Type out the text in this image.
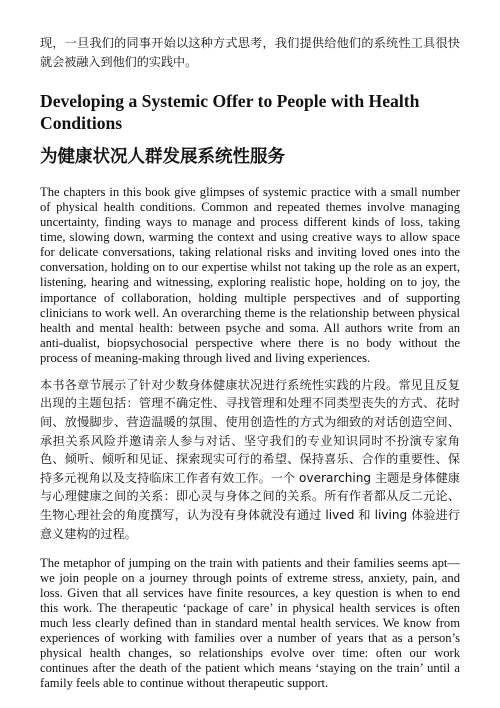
现，一旦我们的同事开始以这种方式思考，我们提供给他们的系统性工具很快就会被融入到他们的实践中。

Developing a Systemic Offer to People with Health Conditions
为健康状况人群发展系统性服务

The chapters in this book give glimpses of systemic practice with a small number of physical health conditions. Common and repeated themes involve managing uncertainty, finding ways to manage and process different kinds of loss, taking time, slowing down, warming the context and using creative ways to allow space for delicate conversations, taking relational risks and inviting loved ones into the conversation, holding on to our expertise whilst not taking up the role as an expert, listening, hearing and witnessing, exploring realistic hope, holding on to joy, the importance of collaboration, holding multiple perspectives and of supporting clinicians to work well. An overarching theme is the relationship between physical health and mental health: between psyche and soma. All authors write from an anti-dualist, biopsychosocial perspective where there is no body without the process of meaning-making through lived and living experiences.

本书各章节展示了针对少数身体健康状况进行系统性实践的片段。常见且反复出现的主题包括：管理不确定性、寻找管理和处理不同类型丧失的方式、花时间、放慢脚步、营造温暖的氛围、使用创造性的方式为细致的对话创造空间、承担关系风险并邀请亲人参与对话、坚守我们的专业知识同时不扮演专家角色、倾听、倾听和见证、探索现实可行的希望、保持喜乐、合作的重要性、保持多元视角以及支持临床工作者有效工作。一个 overarching 主题是身体健康与心理健康之间的关系：即心灵与身体之间的关系。所有作者都从反二元论、生物心理社会的角度撰写，认为没有身体就没有通过 lived 和 living 体验进行意义建构的过程。

The metaphor of jumping on the train with patients and their families seems apt—we join people on a journey through points of extreme stress, anxiety, pain, and loss. Given that all services have finite resources, a key question is when to end this work. The therapeutic ‘package of care’ in physical health services is often much less clearly defined than in standard mental health services. We know from experiences of working with families over a number of years that as a person’s physical health changes, so relationships evolve over time: often our work continues after the death of the patient which means ‘staying on the train’ until a family feels able to continue without therapeutic support.
